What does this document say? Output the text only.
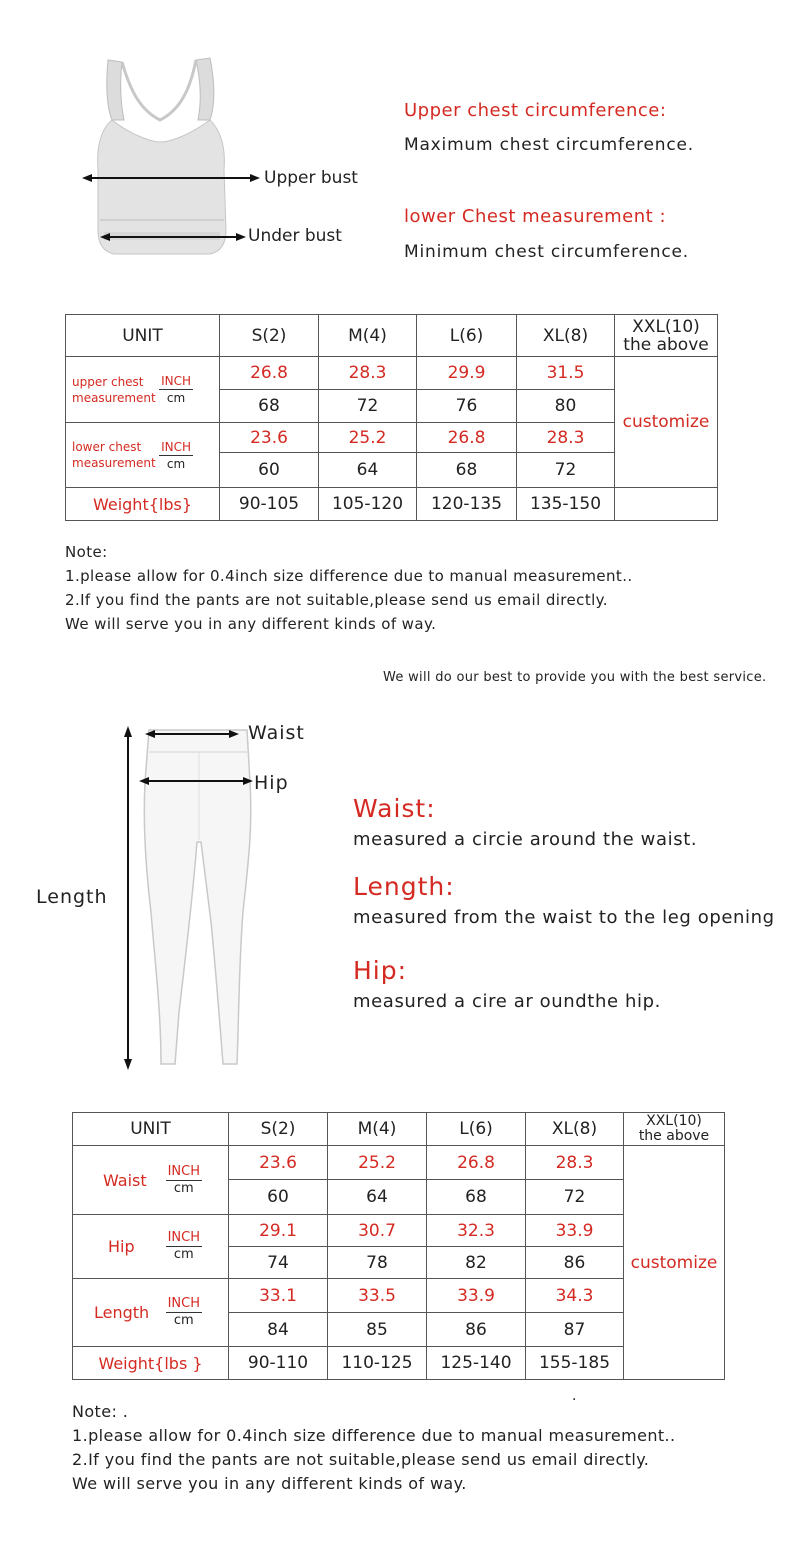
Upper bust
Under bust
Upper chest circumference:
Maximum chest circumference.
lower Chest measurement :
Minimum chest circumference.
UNIT	S(2)	M(4)	L(6)	XL(8)	XXL(10)
the above

upper chest
measurement $\frac{\text{INCH}}{cm}$	26.8	28.3	29.9	31.5	customize
	68	72	76	80	

lower chest
measurement $\frac{\text{INCH}}{cm}$	23.6	25.2	26.8	28.3	
	60	64	68	72	
Weight{lbs}	90-105	105-120	120-135	135-150	
Note:
1.please allow for 0.4inch size difference due to manual measurement..
2.If you find the pants are not suitable,please send us email directly.
We will serve you in any different kinds of way.
We will do our best to provide you with the best service.
Waist
Hip
Length
Waist:
measured a circie around the waist.
Length:
measured from the waist to the leg opening
Hip:
measured a cire ar oundthe hip.
UNIT	S(2)	M(4)	L(6)	XL(8)	XXL(10)
the above

Waist $\frac{\text{INCH}}{cm}$	23.6	25.2	26.8	28.3	customize
	60	64	68	72	

Hip $\frac{\text{INCH}}{cm}$	29.1	30.7	32.3	33.9	
	74	78	82	86	

Length $\frac{\text{INCH}}{cm}$	33.1	33.5	33.9	34.3	
	84	85	86	87	
Weight{lbs }	90-110	110-125	125-140	155-185	
.
Note: .
1.please allow for 0.4inch size difference due to manual measurement..
2.If you find the pants are not suitable,please send us email directly.
We will serve you in any different kinds of way.
